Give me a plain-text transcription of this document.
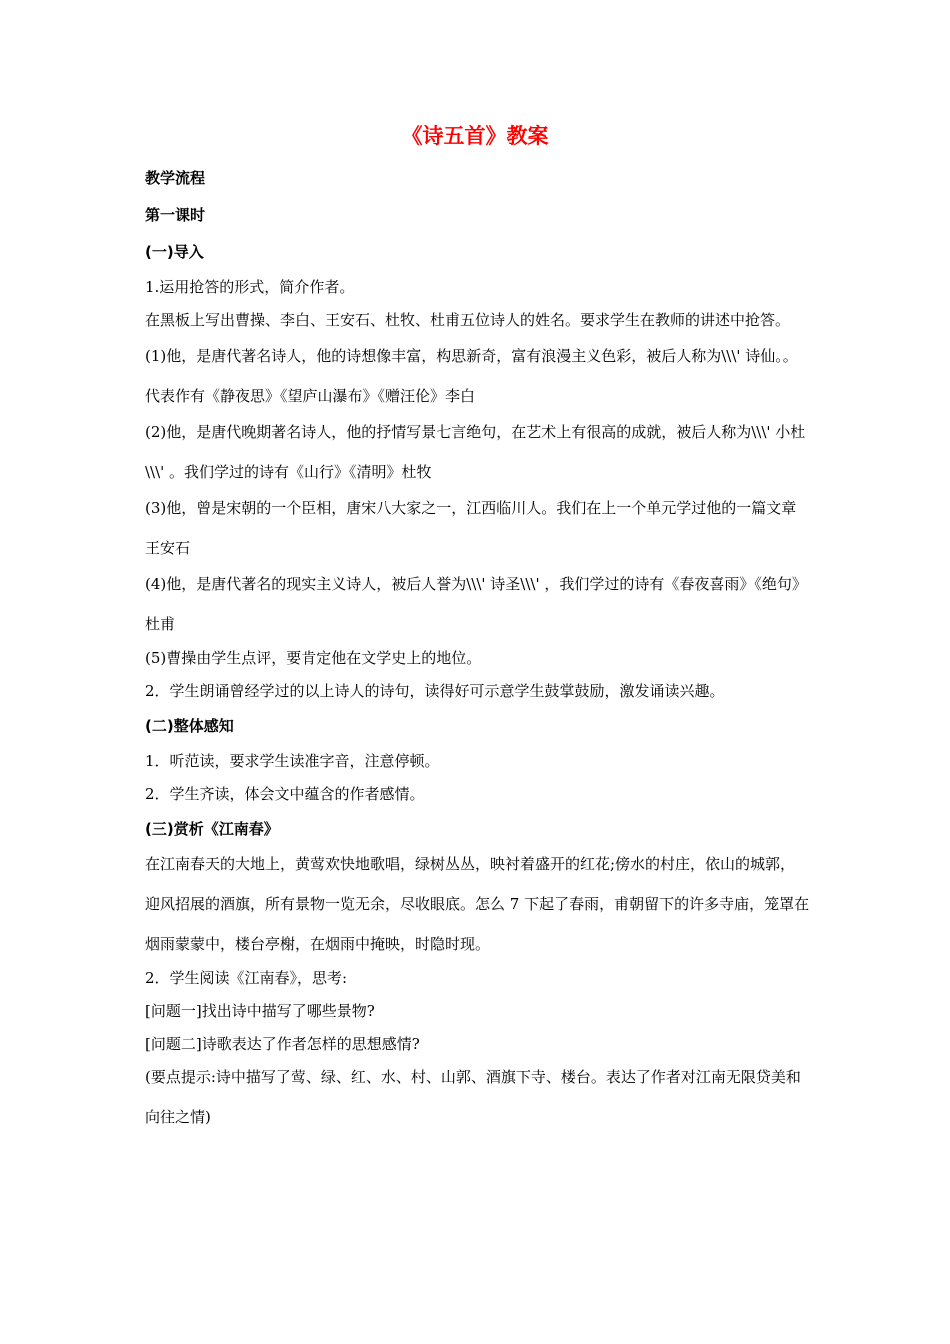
《诗五首》教案
教学流程
第一课时
(一)导入
1.运用抢答的形式，简介作者。
在黑板上写出曹操、李白、王安石、杜牧、杜甫五位诗人的姓名。要求学生在教师的讲述中抢答。
(1)他，是唐代著名诗人，他的诗想像丰富，构思新奇，富有浪漫主义色彩，被后人称为\\\' 诗仙。。代表作有《静夜思》《望庐山瀑布》《赠汪伦》李白
(2)他，是唐代晚期著名诗人，他的抒情写景七言绝句，在艺术上有很高的成就，被后人称为\\\' 小杜\\\' 。我们学过的诗有《山行》《清明》杜牧
(3)他，曾是宋朝的一个臣相，唐宋八大家之一，江西临川人。我们在上一个单元学过他的一篇文章王安石
(4)他，是唐代著名的现实主义诗人，被后人誉为\\\' 诗圣\\\' ，我们学过的诗有《春夜喜雨》《绝句》杜甫
(5)曹操由学生点评，要肯定他在文学史上的地位。
2．学生朗诵曾经学过的以上诗人的诗句，读得好可示意学生鼓掌鼓励，激发诵读兴趣。
(二)整体感知
1．听范读，要求学生读准字音，注意停顿。
2．学生齐读，体会文中蕴含的作者感情。
(三)赏析《江南春》
在江南春天的大地上，黄莺欢快地歌唱，绿树丛丛，映衬着盛开的红花;傍水的村庄，依山的城郭，迎风招展的酒旗，所有景物一览无余，尽收眼底。怎么 7 下起了春雨，甫朝留下的许多寺庙，笼罩在烟雨蒙蒙中，楼台亭榭，在烟雨中掩映，时隐时现。
2．学生阅读《江南春》，思考:
[问题一]找出诗中描写了哪些景物?
[问题二]诗歌表达了作者怎样的思想感情?
(要点提示:诗中描写了莺、绿、红、水、村、山郭、酒旗下寺、楼台。表达了作者对江南无限贷美和向往之情)
